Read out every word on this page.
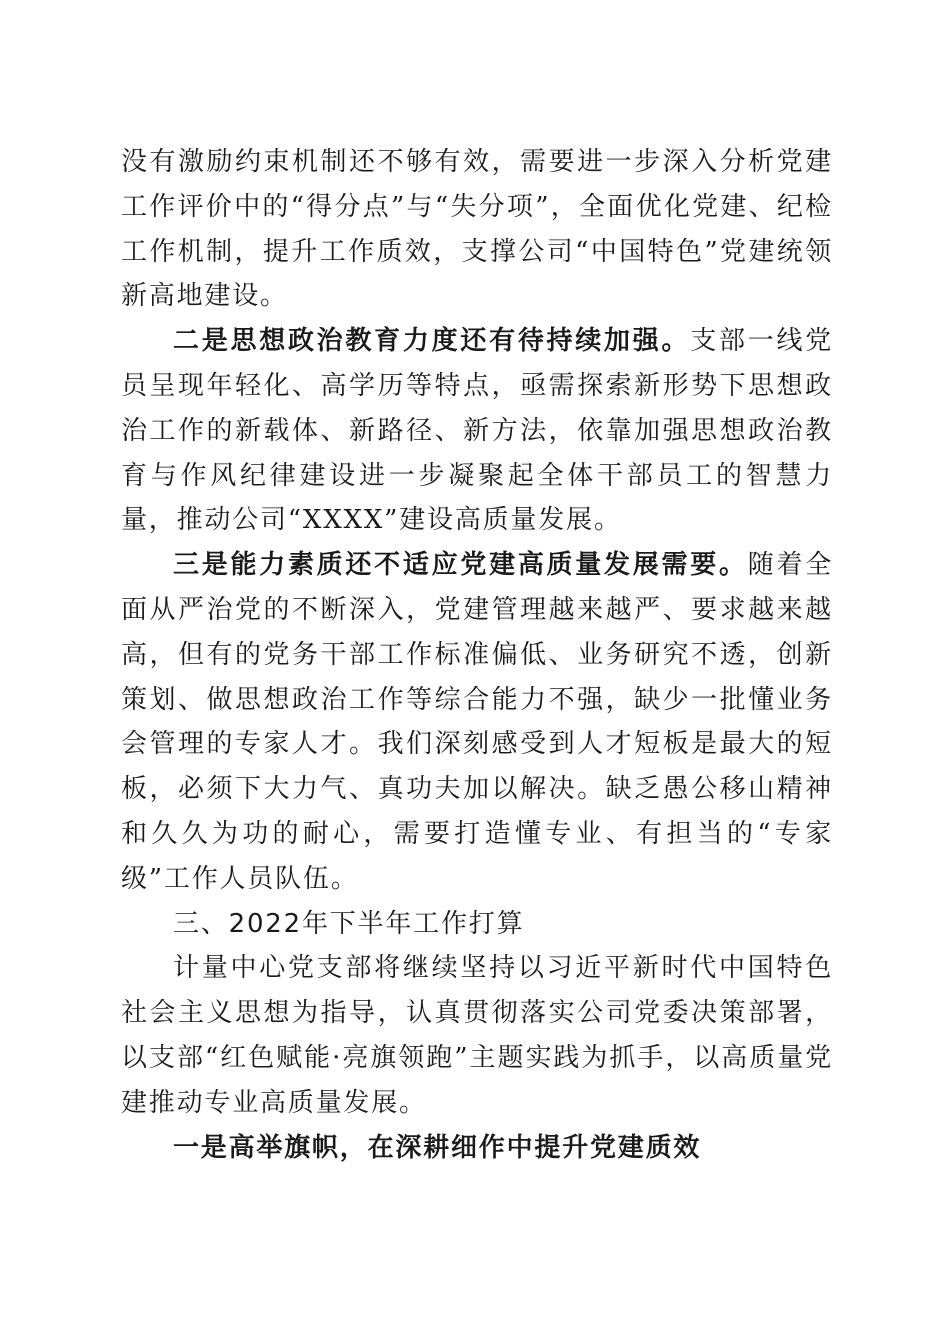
没有激励约束机制还不够有效，需要进一步深入分析党建工作评价中的“得分点”与“失分项”，全面优化党建、纪检工作机制，提升工作质效，支撑公司“中国特色”党建统领新高地建设。

二是思想政治教育力度还有待持续加强。支部一线党员呈现年轻化、高学历等特点，亟需探索新形势下思想政治工作的新载体、新路径、新方法，依靠加强思想政治教育与作风纪律建设进一步凝聚起全体干部员工的智慧力量，推动公司“XXXX”建设高质量发展。

三是能力素质还不适应党建高质量发展需要。随着全面从严治党的不断深入，党建管理越来越严、要求越来越高，但有的党务干部工作标准偏低、业务研究不透，创新策划、做思想政治工作等综合能力不强，缺少一批懂业务会管理的专家人才。我们深刻感受到人才短板是最大的短板，必须下大力气、真功夫加以解决。缺乏愚公移山精神和久久为功的耐心，需要打造懂专业、有担当的“专家级”工作人员队伍。

三、2022年下半年工作打算

计量中心党支部将继续坚持以习近平新时代中国特色社会主义思想为指导，认真贯彻落实公司党委决策部署，以支部“红色赋能·亮旗领跑”主题实践为抓手，以高质量党建推动专业高质量发展。

一是高举旗帜，在深耕细作中提升党建质效
